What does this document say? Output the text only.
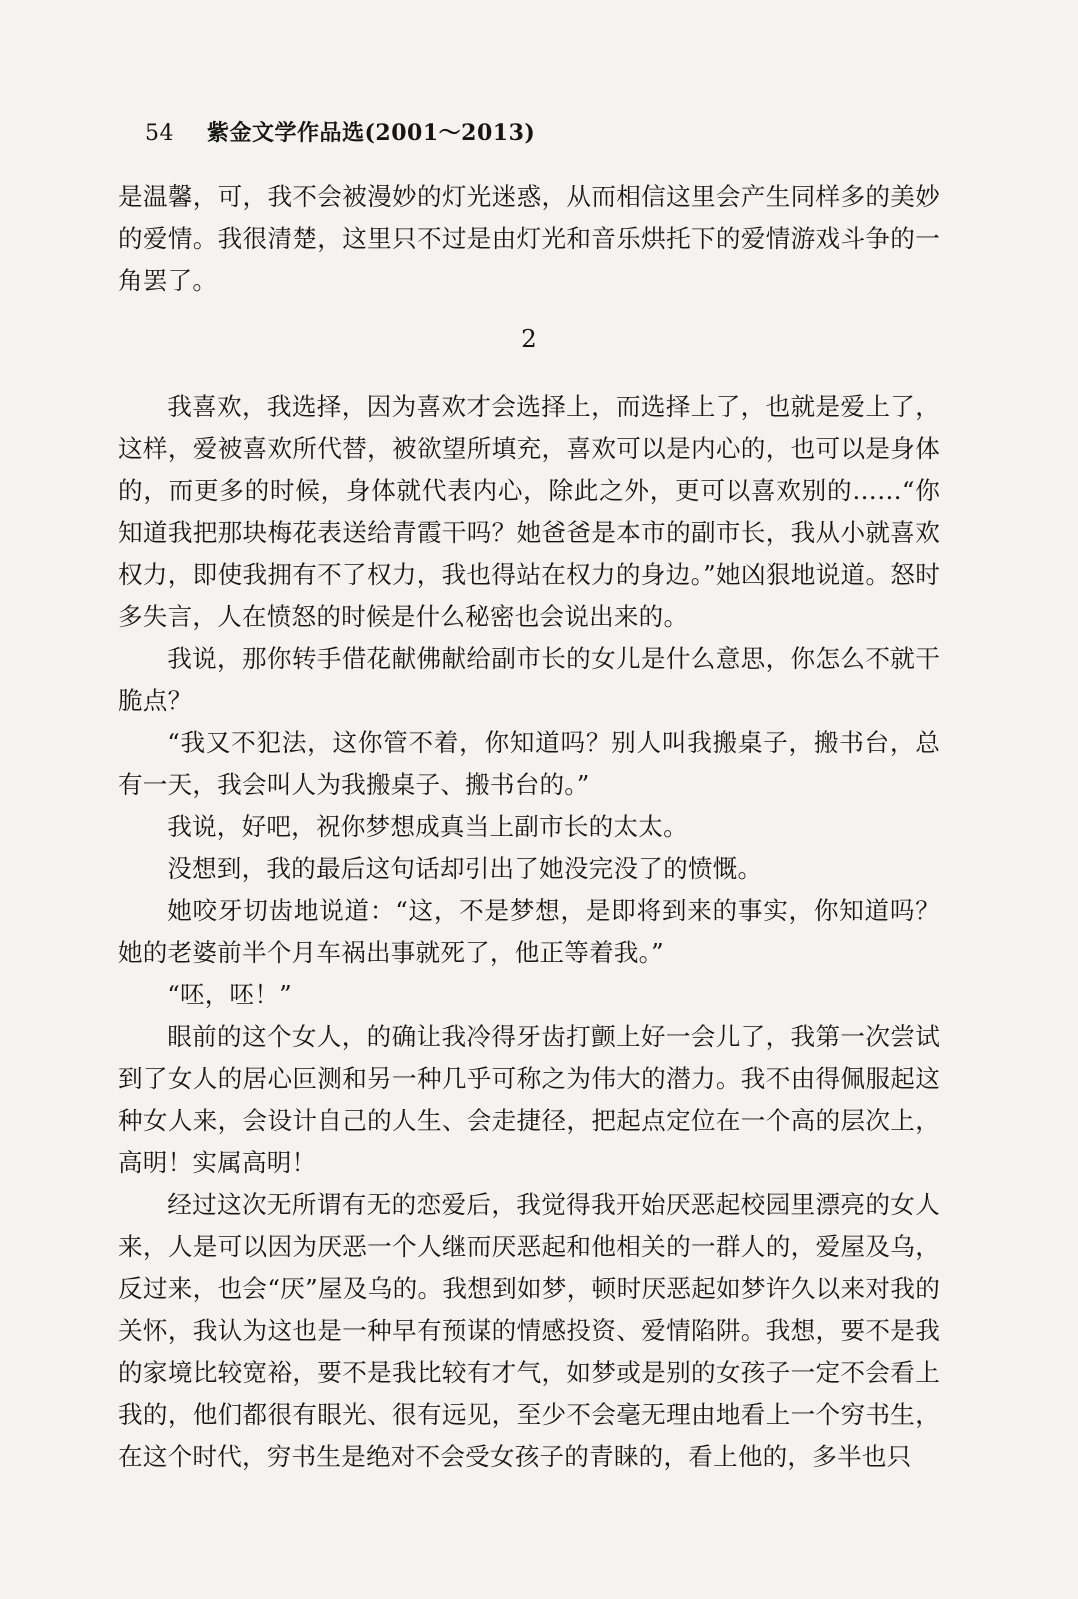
54 紫金文学作品选(2001～2013)

是温馨，可，我不会被漫妙的灯光迷惑，从而相信这里会产生同样多的美妙的爱情。我很清楚，这里只不过是由灯光和音乐烘托下的爱情游戏斗争的一角罢了。

2

我喜欢，我选择，因为喜欢才会选择上，而选择上了，也就是爱上了，这样，爱被喜欢所代替，被欲望所填充，喜欢可以是内心的，也可以是身体的，而更多的时候，身体就代表内心，除此之外，更可以喜欢别的……“你知道我把那块梅花表送给青霞干吗？她爸爸是本市的副市长，我从小就喜欢权力，即使我拥有不了权力，我也得站在权力的身边。”她凶狠地说道。怒时多失言，人在愤怒的时候是什么秘密也会说出来的。

我说，那你转手借花献佛献给副市长的女儿是什么意思，你怎么不就干脆点？

“我又不犯法，这你管不着，你知道吗？别人叫我搬桌子，搬书台，总有一天，我会叫人为我搬桌子、搬书台的。”

我说，好吧，祝你梦想成真当上副市长的太太。

没想到，我的最后这句话却引出了她没完没了的愤慨。

她咬牙切齿地说道：“这，不是梦想，是即将到来的事实，你知道吗？她的老婆前半个月车祸出事就死了，他正等着我。”

“呸，呸！”

眼前的这个女人，的确让我冷得牙齿打颤上好一会儿了，我第一次尝试到了女人的居心叵测和另一种几乎可称之为伟大的潜力。我不由得佩服起这种女人来，会设计自己的人生、会走捷径，把起点定位在一个高的层次上，高明！实属高明！

经过这次无所谓有无的恋爱后，我觉得我开始厌恶起校园里漂亮的女人来，人是可以因为厌恶一个人继而厌恶起和他相关的一群人的，爱屋及乌，反过来，也会“厌”屋及乌的。我想到如梦，顿时厌恶起如梦许久以来对我的关怀，我认为这也是一种早有预谋的情感投资、爱情陷阱。我想，要不是我的家境比较宽裕，要不是我比较有才气，如梦或是别的女孩子一定不会看上我的，他们都很有眼光、很有远见，至少不会毫无理由地看上一个穷书生，在这个时代，穷书生是绝对不会受女孩子的青睐的，看上他的，多半也只
